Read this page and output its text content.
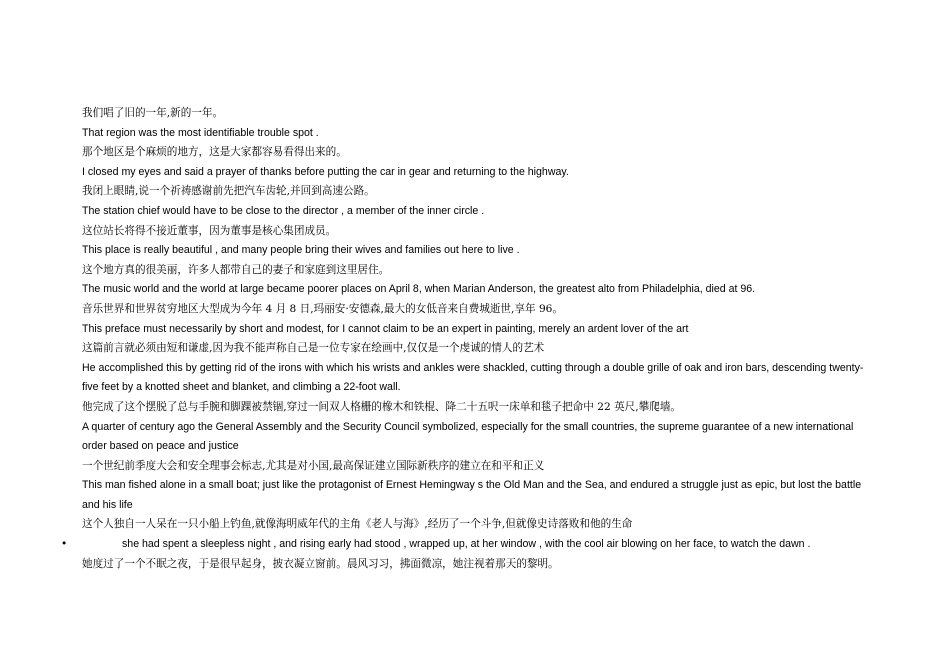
我们唱了旧的一年,新的一年。
That region was the most identifiable trouble spot .
那个地区是个麻烦的地方，这是大家都容易看得出来的。
I closed my eyes and said a prayer of thanks before putting the car in gear and returning to the highway.
我闭上眼睛,说一个祈祷感谢前先把汽车齿轮,并回到高速公路。
The station chief would have to be close to the director , a member of the inner circle .
这位站长将得不接近董事，因为董事是核心集团成员。
This place is really beautiful , and many people bring their wives and families out here to live .
这个地方真的很美丽，许多人都带自己的妻子和家庭到这里居住。
The music world and the world at large became poorer places on April 8, when Marian Anderson, the greatest alto from Philadelphia, died at 96.
音乐世界和世界贫穷地区大型成为今年 4 月 8 日,玛丽安·安德森,最大的女低音来自费城逝世,享年 96。
This preface must necessarily by short and modest, for I cannot claim to be an expert in painting, merely an ardent lover of the art
这篇前言就必须由短和谦虚,因为我不能声称自己是一位专家在绘画中,仅仅是一个虔诚的情人的艺术
He accomplished this by getting rid of the irons with which his wrists and ankles were shackled, cutting through a double grille of oak and iron bars, descending twenty-five feet by a knotted sheet and blanket, and climbing a 22-foot wall.
他完成了这个摆脱了总与手腕和脚踝被禁锢,穿过一间双人格栅的橡木和铁棍、降二十五呎一床单和毯子把命中 22 英尺,攀爬墙。
A quarter of century ago the General Assembly and the Security Council symbolized, especially for the small countries, the supreme guarantee of a new international order based on peace and justice
一个世纪前季度大会和安全理事会标志,尤其是对小国,最高保证建立国际新秩序的建立在和平和正义
This man fished alone in a small boat; just like the protagonist of Ernest Hemingway s the Old Man and the Sea, and endured a struggle just as epic, but lost the battle and his life
这个人独自一人呆在一只小船上钓鱼,就像海明威年代的主角《老人与海》,经历了一个斗争,但就像史诗落败和他的生命
•	she had spent a sleepless night , and rising early had stood , wrapped up, at her window , with the cool air blowing on her face, to watch the dawn .
她度过了一个不眠之夜，于是很早起身，披衣凝立窗前。晨风习习，拂面微凉，她注视着那天的黎明。
